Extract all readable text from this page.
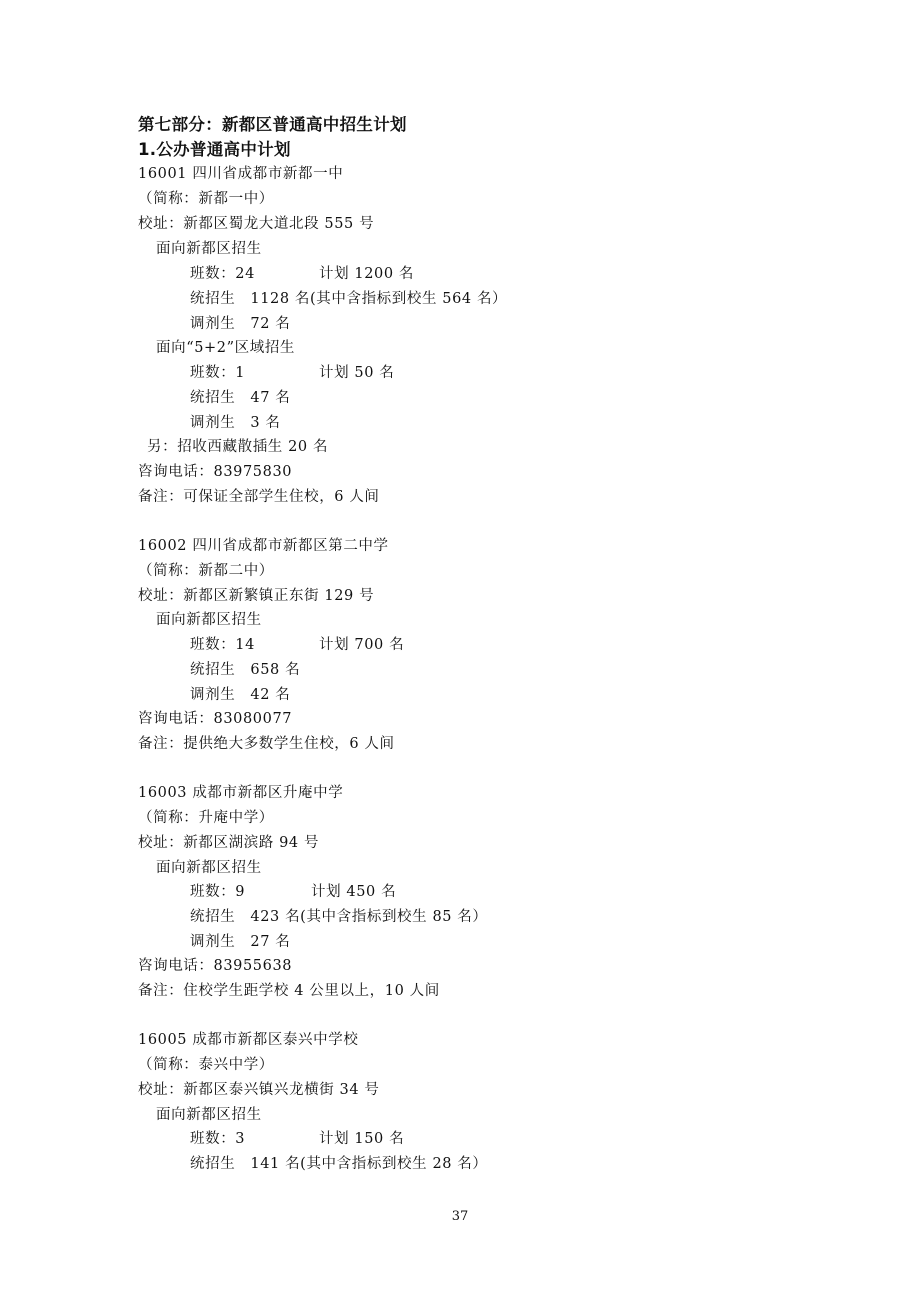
第七部分：新都区普通高中招生计划
1.公办普通高中计划
16001 四川省成都市新都一中
（简称：新都一中）
校址：新都区蜀龙大道北段 555 号
面向新都区招生
班数：24	计划 1200 名
统招生　1128 名(其中含指标到校生 564 名）
调剂生　72 名
面向“5+2”区域招生
班数：1	计划 50 名
统招生　47 名
调剂生　3 名
另：招收西藏散插生 20 名
咨询电话：83975830
备注：可保证全部学生住校，6 人间
16002 四川省成都市新都区第二中学
（简称：新都二中）
校址：新都区新繁镇正东街 129 号
面向新都区招生
班数：14	计划 700 名
统招生　658 名
调剂生　42 名
咨询电话：83080077
备注：提供绝大多数学生住校，6 人间
16003 成都市新都区升庵中学
（简称：升庵中学）
校址：新都区湖滨路 94 号
面向新都区招生
班数：9	计划 450 名
统招生　423 名(其中含指标到校生 85 名）
调剂生　27 名
咨询电话：83955638
备注：住校学生距学校 4 公里以上，10 人间
16005 成都市新都区泰兴中学校
（简称：泰兴中学）
校址：新都区泰兴镇兴龙横街 34 号
面向新都区招生
班数：3	计划 150 名
统招生　141 名(其中含指标到校生 28 名）
37
